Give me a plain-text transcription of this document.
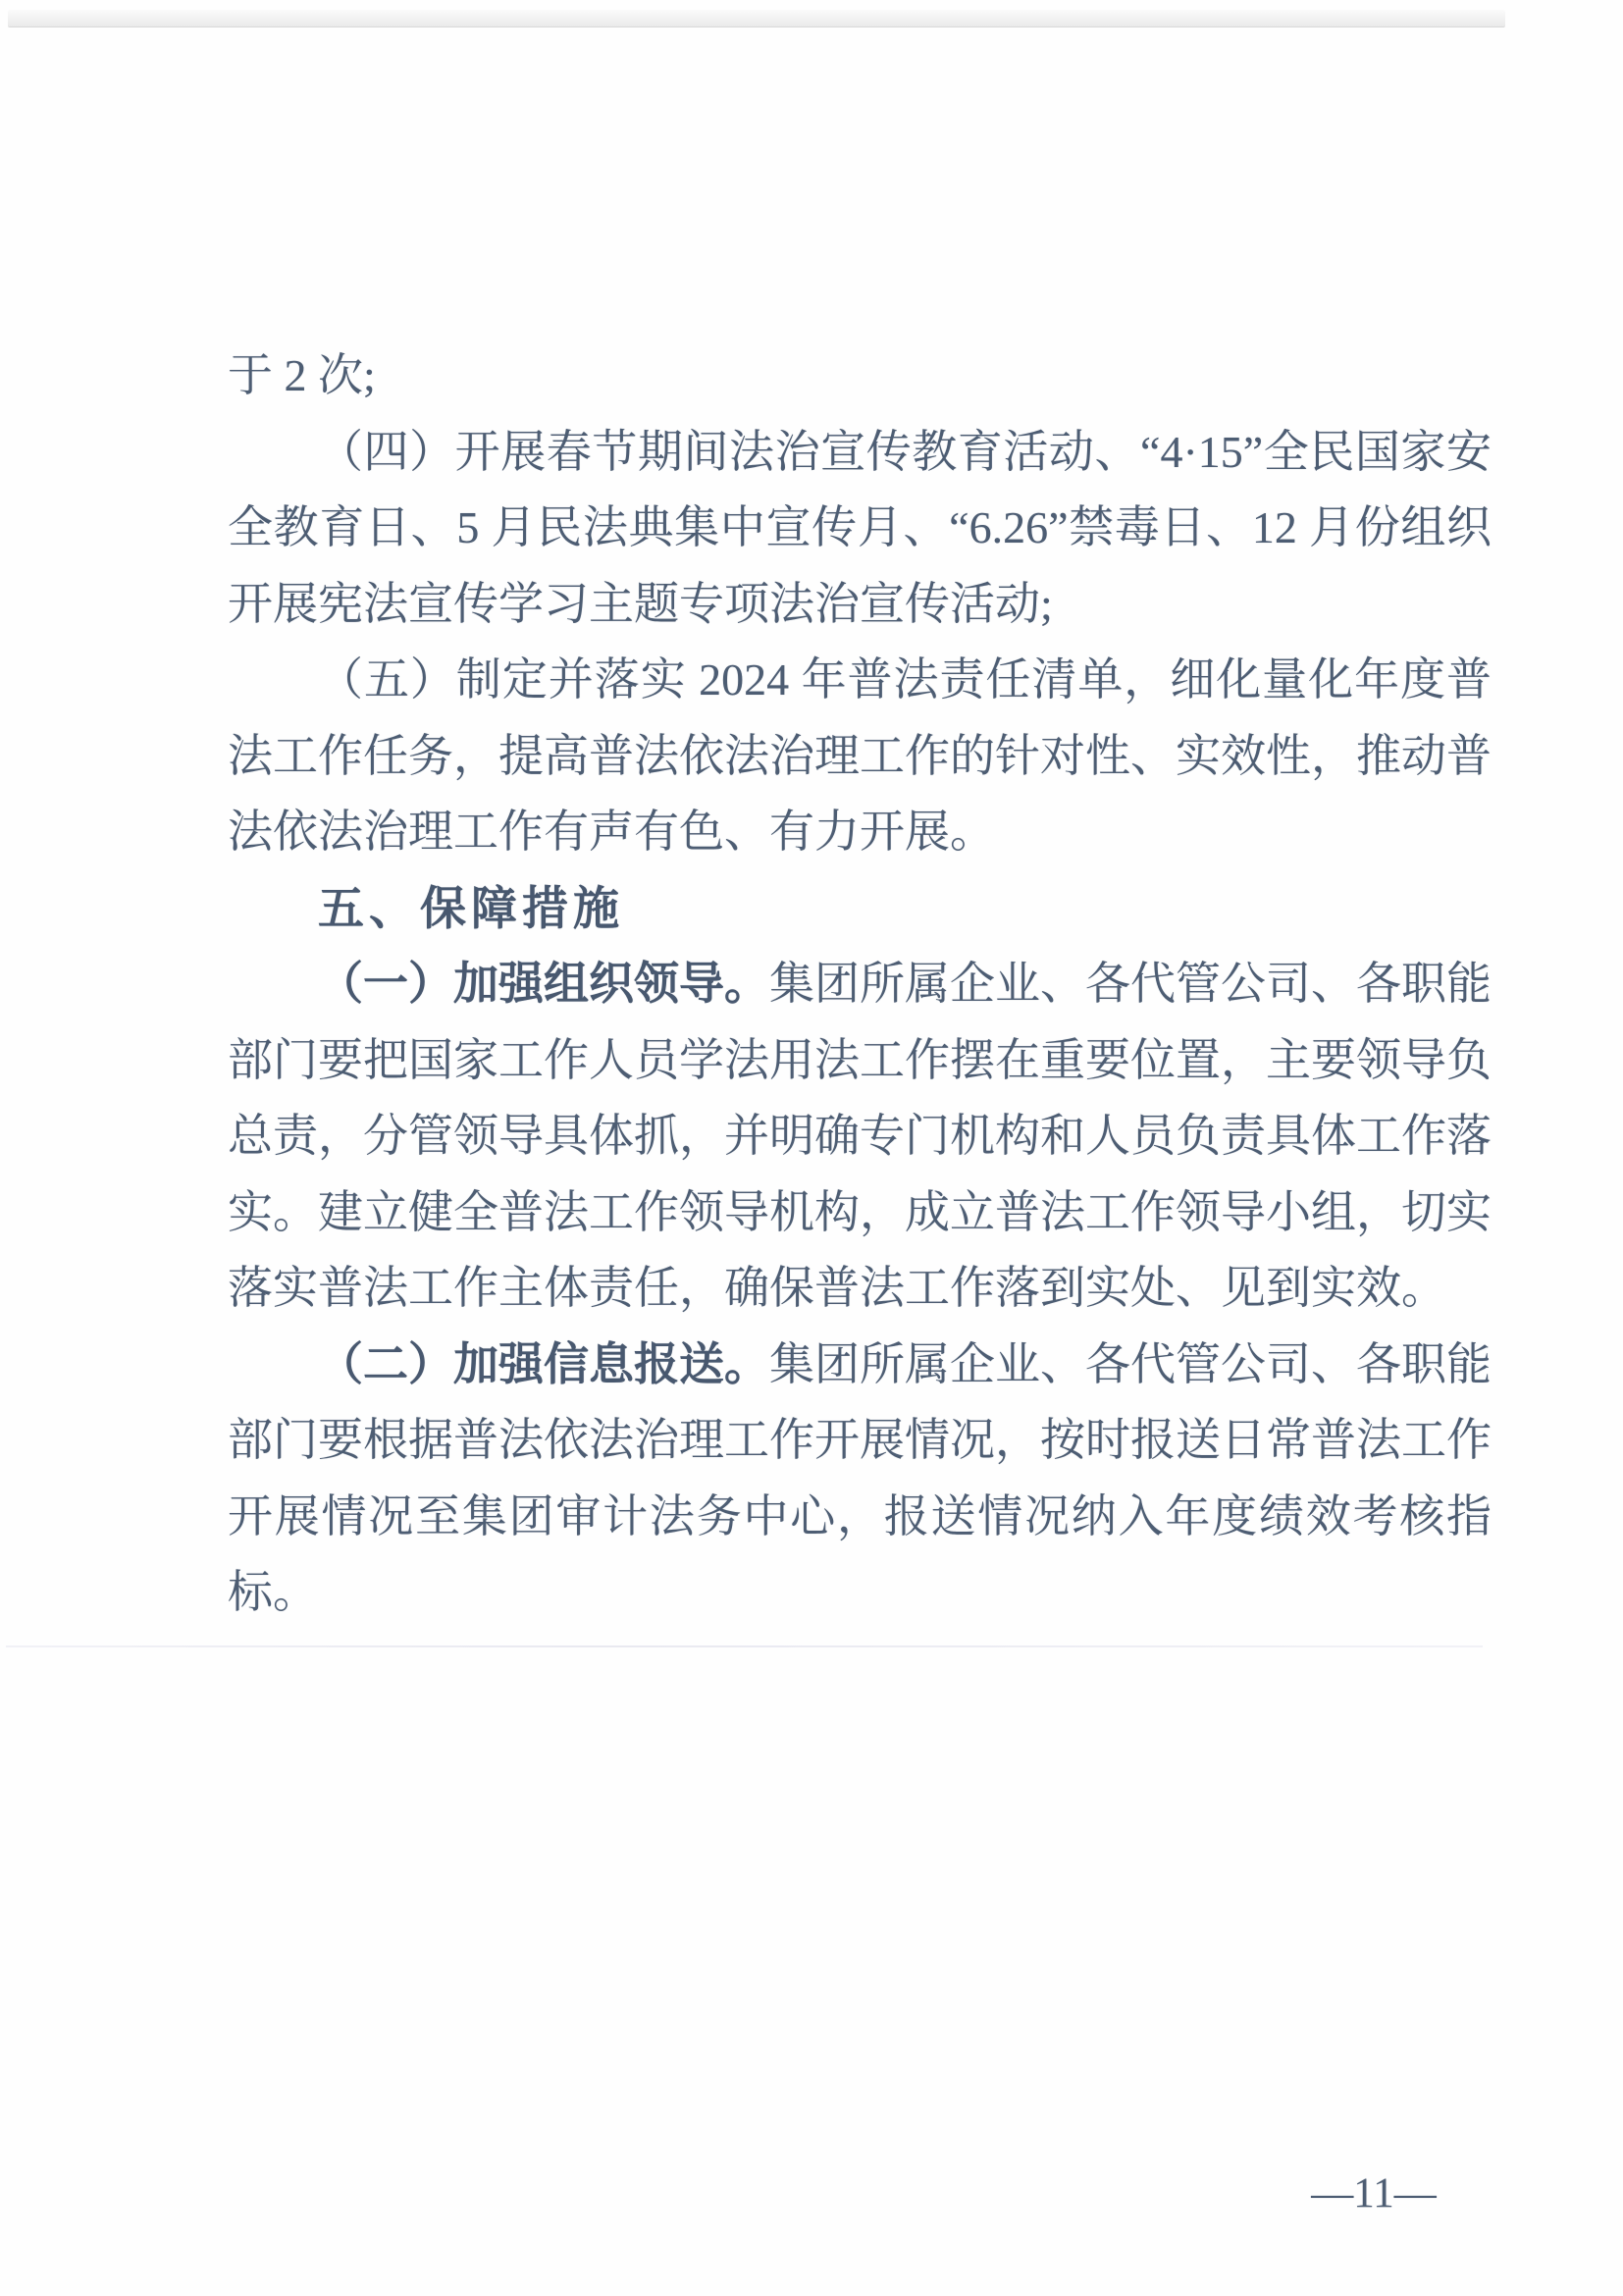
于 2 次;
（四）开展春节期间法治宣传教育活动、“4·15”全民国家安
全教育日、5 月民法典集中宣传月、“6.26”禁毒日、12 月份组织
开展宪法宣传学习主题专项法治宣传活动;
（五）制定并落实 2024 年普法责任清单，细化量化年度普
法工作任务，提高普法依法治理工作的针对性、实效性，推动普
法依法治理工作有声有色、有力开展。
五、保障措施
（一）加强组织领导。集团所属企业、各代管公司、各职能
部门要把国家工作人员学法用法工作摆在重要位置，主要领导负
总责，分管领导具体抓，并明确专门机构和人员负责具体工作落
实。建立健全普法工作领导机构，成立普法工作领导小组，切实
落实普法工作主体责任，确保普法工作落到实处、见到实效。
（二）加强信息报送。集团所属企业、各代管公司、各职能
部门要根据普法依法治理工作开展情况，按时报送日常普法工作
开展情况至集团审计法务中心，报送情况纳入年度绩效考核指
标。
—11—
